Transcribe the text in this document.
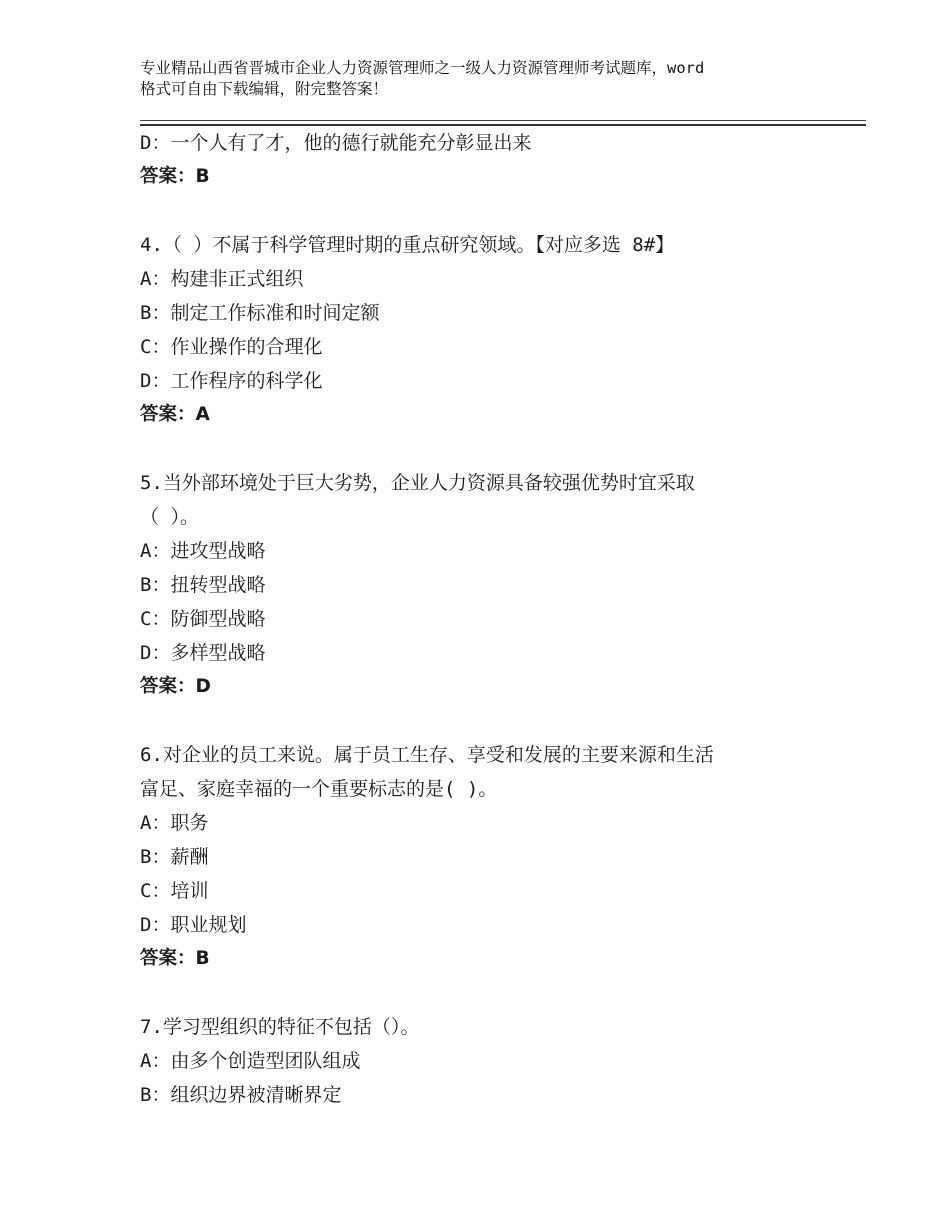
专业精品山西省晋城市企业人力资源管理师之一级人力资源管理师考试题库，word
格式可自由下载编辑，附完整答案！
D：一个人有了才，他的德行就能充分彰显出来
答案：B
4.（ ）不属于科学管理时期的重点研究领域。【对应多选 8#】
A：构建非正式组织
B：制定工作标准和时间定额
C：作业操作的合理化
D：工作程序的科学化
答案：A
5.当外部环境处于巨大劣势，企业人力资源具备较强优势时宜采取
（ ）。
A：进攻型战略
B：扭转型战略
C：防御型战略
D：多样型战略
答案：D
6.对企业的员工来说。属于员工生存、享受和发展的主要来源和生活
富足、家庭幸福的一个重要标志的是( )。
A：职务
B：薪酬
C：培训
D：职业规划
答案：B
7.学习型组织的特征不包括（）。
A：由多个创造型团队组成
B：组织边界被清晰界定
